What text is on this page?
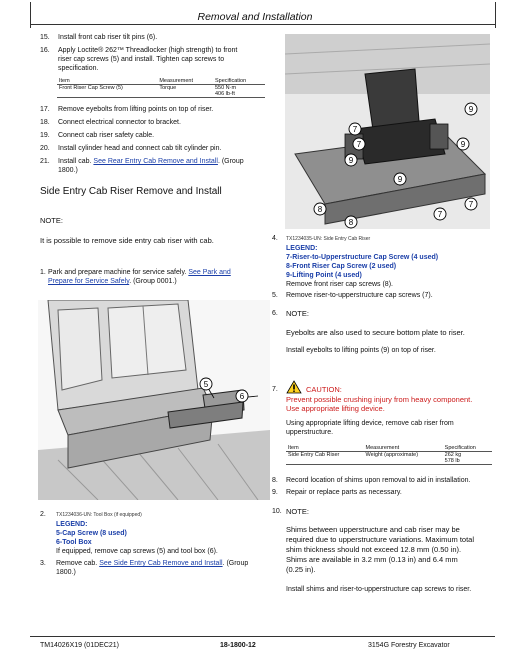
Removal and Installation
15.	Install front cab riser tilt pins (6).
16.	Apply Loctite® 262™ Threadlocker (high strength) to front
riser cap screws (5) and install. Tighten cap screws to
specification.
Item	Measurement	Specification
Front Riser Cap Screw (5)	Torque	550 N·m
406 lb-ft
17.	Remove eyebolts from lifting points on top of riser.
18.	Connect electrical connector to bracket.
19.	Connect cab riser safety cable.
20.	Install cylinder head and connect cab tilt cylinder pin.
21.	Install cab. See Rear Entry Cab Remove and Install. (Group
1800.)
Side Entry Cab Riser Remove and Install
NOTE:
It is possible to remove side entry cab riser with cab.
1. Park and prepare machine for service safely. See Park and
Prepare for Service Safely. (Group 0001.)
5
6
2.	TX1234036-UN: Tool Box (if equipped)
LEGEND:
5-Cap Screw (8 used)
6-Tool Box
If equipped, remove cap screws (5) and tool box (6).
3.	Remove cab. See Side Entry Cab Remove and Install. (Group
1800.)
9
7
7	9
9
9
8
8
7
7
4.	TX1234035-UN: Side Entry Cab Riser
LEGEND:
7-Riser-to-Upperstructure Cap Screw (4 used)
8-Front Riser Cap Screw (2 used)
9-Lifting Point (4 used)
Remove front riser cap screws (8).
5.	Remove riser-to-upperstructure cap screws (7).
6.	NOTE:
Eyebolts are also used to secure bottom plate to riser.
Install eyebolts to lifting points (9) on top of riser.
7.	CAUTION:
Prevent possible crushing injury from heavy component.
Use appropriate lifting device.
Using appropriate lifting device, remove cab riser from
upperstructure.
Item	Measurement	Specification
Side Entry Cab Riser	Weight (approximate)	262 kg
578 lb
8.	Record location of shims upon removal to aid in installation.
9.	Repair or replace parts as necessary.
10. NOTE:
Shims between upperstructure and cab riser may be
required due to upperstructure variations. Maximum total
shim thickness should not exceed 12.8 mm (0.50 in).
Shims are available in 3.2 mm (0.13 in) and 6.4 mm
(0.25 in).
Install shims and riser-to-upperstructure cap screws to riser.
TM14026X19 (01DEC21)	18-1800-12	3154G Forestry Excavator
